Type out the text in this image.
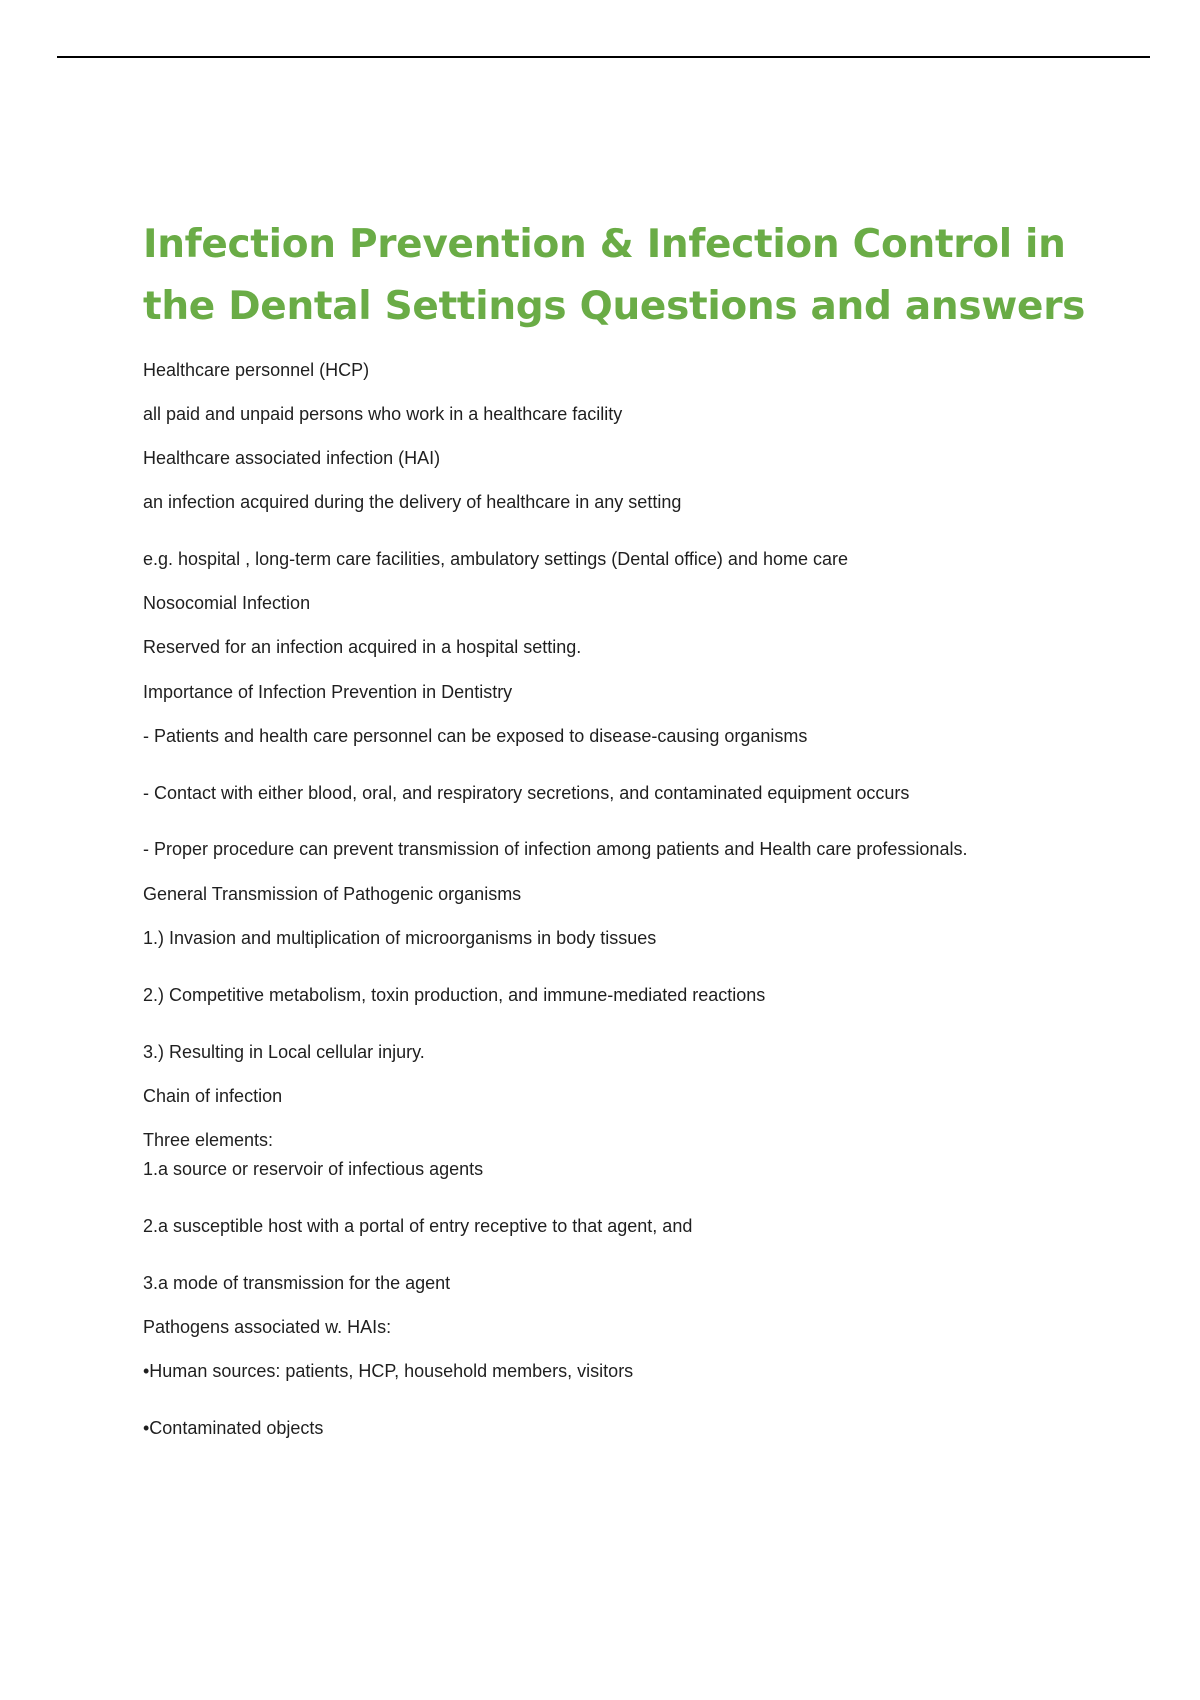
Infection Prevention & Infection Control in the Dental Settings Questions and answers

Healthcare personnel (HCP)

all paid and unpaid persons who work in a healthcare facility

Healthcare associated infection (HAI)

an infection acquired during the delivery of healthcare in any setting

e.g. hospital , long-term care facilities, ambulatory settings (Dental office) and home care

Nosocomial Infection

Reserved for an infection acquired in a hospital setting.

Importance of Infection Prevention in Dentistry

- Patients and health care personnel can be exposed to disease-causing organisms

- Contact with either blood, oral, and respiratory secretions, and contaminated equipment occurs

- Proper procedure can prevent transmission of infection among patients and Health care professionals.

General Transmission of Pathogenic organisms

1.) Invasion and multiplication of microorganisms in body tissues

2.) Competitive metabolism, toxin production, and immune-mediated reactions

3.) Resulting in Local cellular injury.

Chain of infection

Three elements:

1.a source or reservoir of infectious agents

2.a susceptible host with a portal of entry receptive to that agent, and

3.a mode of transmission for the agent

Pathogens associated w. HAIs:

•Human sources: patients, HCP, household members, visitors

•Contaminated objects
